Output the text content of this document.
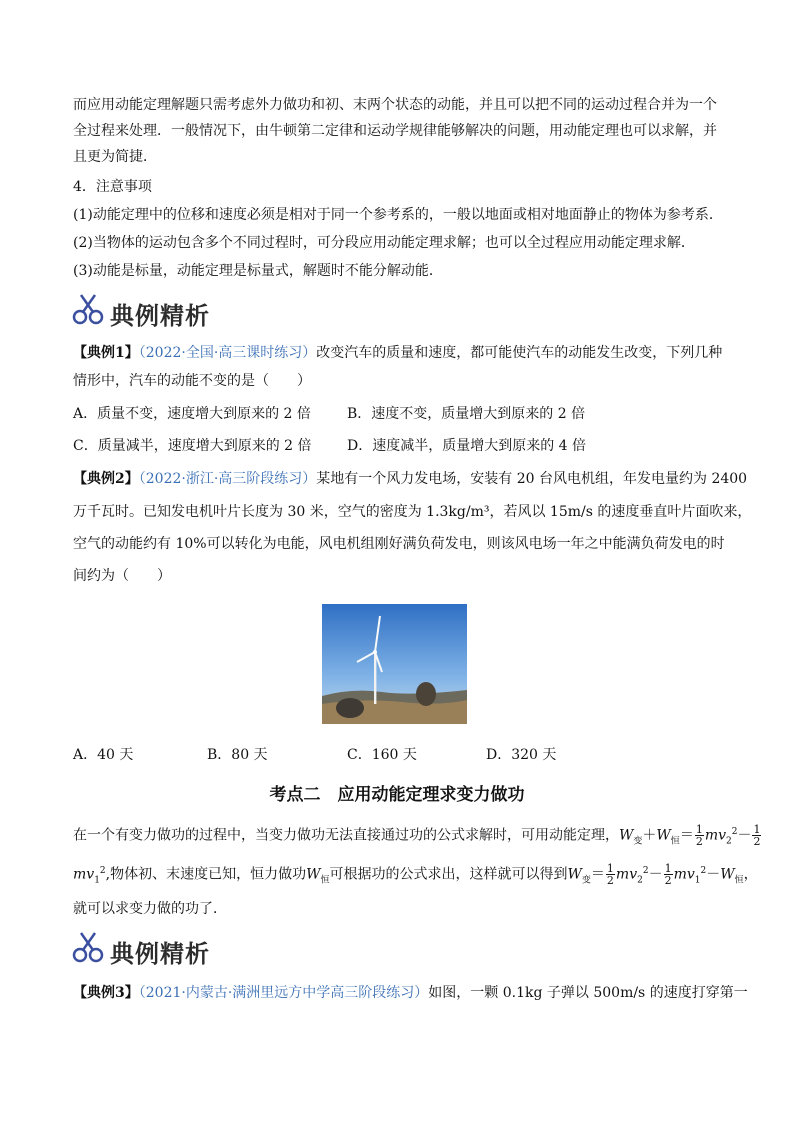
而应用动能定理解题只需考虑外力做功和初、末两个状态的动能，并且可以把不同的运动过程合并为一个
全过程来处理．一般情况下，由牛顿第二定律和运动学规律能够解决的问题，用动能定理也可以求解，并
且更为简捷．
4．注意事项
(1)动能定理中的位移和速度必须是相对于同一个参考系的，一般以地面或相对地面静止的物体为参考系．
(2)当物体的运动包含多个不同过程时，可分段应用动能定理求解；也可以全过程应用动能定理求解．
(3)动能是标量，动能定理是标量式，解题时不能分解动能．
典例精析
【典例1】（2022·全国·高三课时练习）改变汽车的质量和速度，都可能使汽车的动能发生改变，下列几种
情形中，汽车的动能不变的是（　　）
A．质量不变，速度增大到原来的 2 倍	B．速度不变，质量增大到原来的 2 倍
C．质量减半，速度增大到原来的 2 倍	D．速度减半，质量增大到原来的 4 倍
【典例2】（2022·浙江·高三阶段练习）某地有一个风力发电场，安装有 20 台风电机组，年发电量约为 2400
万千瓦时。已知发电机叶片长度为 30 米，空气的密度为 1.3kg/m³，若风以 15m/s 的速度垂直叶片面吹来，
空气的动能约有 10%可以转化为电能，风电机组刚好满负荷发电，则该风电场一年之中能满负荷发电的时
间约为（　　）
A．40 天	B．80 天	C．160 天	D．320 天
考点二　应用动能定理求变力做功
在一个有变力做功的过程中，当变力做功无法直接通过功的公式求解时，可用动能定理，$W_变+W_恒= \frac{1}{2} mv_2^2- \frac{1}{2}$
$mv_1^2$,物体初、末速度已知，恒力做功$W_恒$可根据功的公式求出，这样就可以得到$W_变= \frac{1}{2} mv_2^2- \frac{1}{2} mv_1^2-W_恒$，
就可以求变力做的功了．
典例精析
【典例3】（2021·内蒙古·满洲里远方中学高三阶段练习）如图，一颗 0.1kg 子弹以 500m/s 的速度打穿第一
